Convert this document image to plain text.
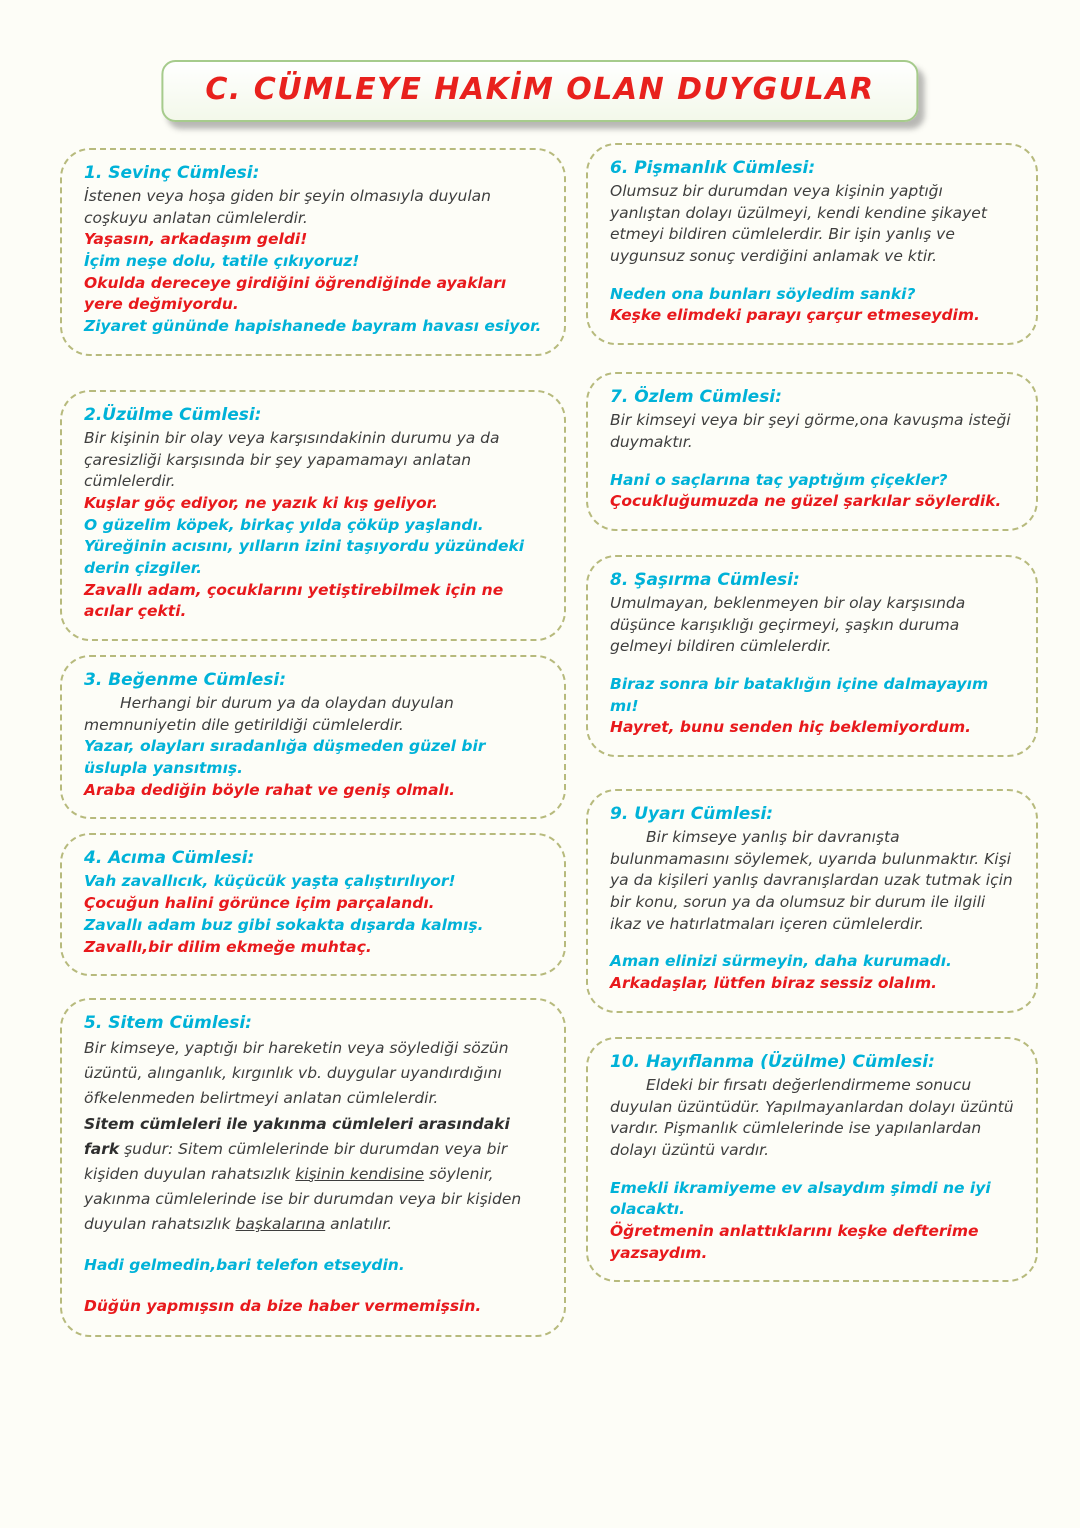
C. CÜMLEYE HAKİM OLAN DUYGULAR

1. Sevinç Cümlesi:

İstenen veya hoşa giden bir şeyin olmasıyla duyulan coşkuyu anlatan cümlelerdir.

Yaşasın, arkadaşım geldi!

İçim neşe dolu, tatile çıkıyoruz!

Okulda dereceye girdiğini öğrendiğinde ayakları yere değmiyordu.

Ziyaret gününde hapishanede bayram havası esiyor.

2.Üzülme Cümlesi:

Bir kişinin bir olay veya karşısındakinin durumu ya da çaresizliği karşısında bir şey yapamamayı anlatan cümlelerdir.

Kuşlar göç ediyor, ne yazık ki kış geliyor.

O güzelim köpek, birkaç yılda çöküp yaşlandı.

Yüreğinin acısını, yılların izini taşıyordu yüzündeki derin çizgiler.

Zavallı adam, çocuklarını yetiştirebilmek için ne acılar çekti.

3. Beğenme Cümlesi:

Herhangi bir durum ya da olaydan duyulan memnuniyetin dile getirildiği cümlelerdir.

Yazar, olayları sıradanlığa düşmeden güzel bir üslupla yansıtmış.

Araba dediğin böyle rahat ve geniş olmalı.

4. Acıma Cümlesi:

Vah zavallıcık, küçücük yaşta çalıştırılıyor!

Çocuğun halini görünce içim parçalandı.

Zavallı adam buz gibi sokakta dışarda kalmış.

Zavallı,bir dilim ekmeğe muhtaç.

5. Sitem Cümlesi:

Bir kimseye, yaptığı bir hareketin veya söylediği sözün üzüntü, alınganlık, kırgınlık vb. duygular uyandırdığını öfkelenmeden belirtmeyi anlatan cümlelerdir.

Sitem cümleleri ile yakınma cümleleri arasındaki fark şudur: Sitem cümlelerinde bir durumdan veya bir kişiden duyulan rahatsızlık kişinin kendisine söylenir, yakınma cümlelerinde ise bir durumdan veya bir kişiden duyulan rahatsızlık başkalarına anlatılır.

Hadi gelmedin,bari telefon etseydin.

Düğün yapmışsın da bize haber vermemişsin.

6. Pişmanlık Cümlesi:

Olumsuz bir durumdan veya kişinin yaptığı yanlıştan dolayı üzülmeyi, kendi kendine şikayet etmeyi bildiren cümlelerdir. Bir işin yanlış ve uygunsuz sonuç verdiğini anlamak ve ktir.

Neden ona bunları söyledim sanki?

Keşke elimdeki parayı çarçur etmeseydim.

7. Özlem Cümlesi:

Bir kimseyi veya bir şeyi görme,ona kavuşma isteği duymaktır.

Hani o saçlarına taç yaptığım çiçekler?

Çocukluğumuzda ne güzel şarkılar söylerdik.

8. Şaşırma Cümlesi:

Umulmayan, beklenmeyen bir olay karşısında düşünce karışıklığı geçirmeyi, şaşkın duruma gelmeyi bildiren cümlelerdir.

Biraz sonra bir bataklığın içine dalmayayım mı!

Hayret, bunu senden hiç beklemiyordum.

9. Uyarı Cümlesi:

Bir kimseye yanlış bir davranışta bulunmamasını söylemek, uyarıda bulunmaktır. Kişi ya da kişileri yanlış davranışlardan uzak tutmak için bir konu, sorun ya da olumsuz bir durum ile ilgili ikaz ve hatırlatmaları içeren cümlelerdir.

Aman elinizi sürmeyin, daha kurumadı.

Arkadaşlar, lütfen biraz sessiz olalım.

10. Hayıflanma (Üzülme) Cümlesi:

Eldeki bir fırsatı değerlendirmeme sonucu duyulan üzüntüdür. Yapılmayanlardan dolayı üzüntü vardır. Pişmanlık cümlelerinde ise yapılanlardan dolayı üzüntü vardır.

Emekli ikramiyeme ev alsaydım şimdi ne iyi olacaktı.

Öğretmenin anlattıklarını keşke defterime yazsaydım.
